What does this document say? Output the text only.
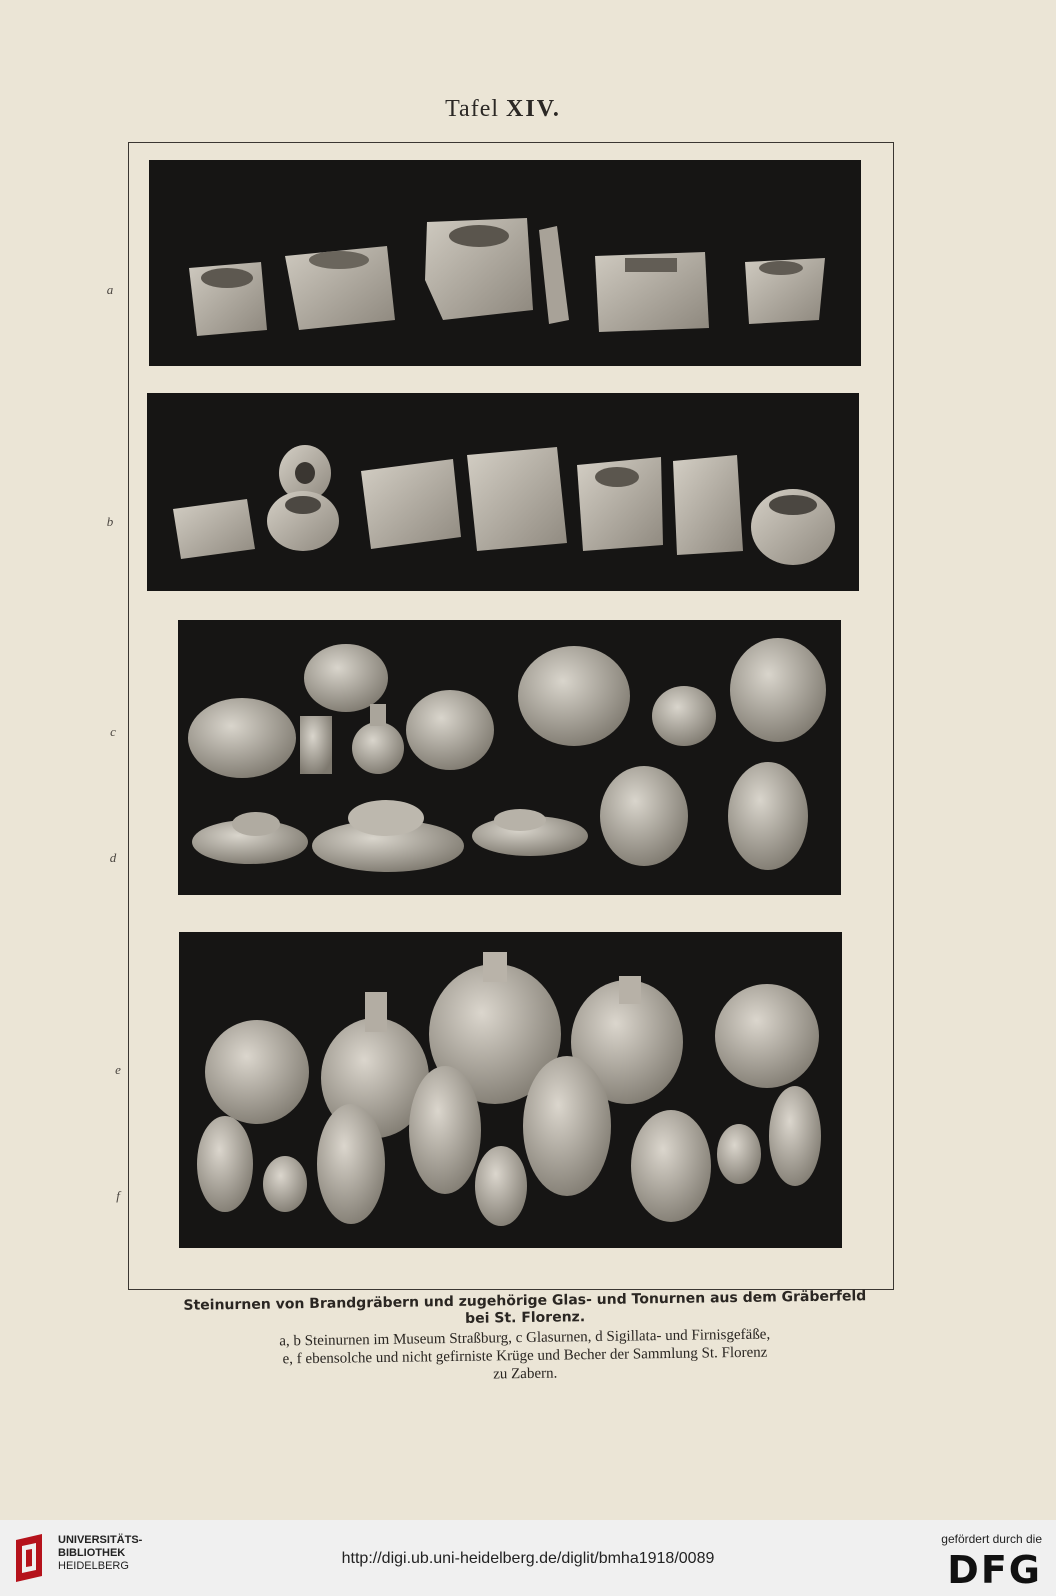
Tafel XIV.
a
b
c
d
e
f
Steinurnen von Brandgräbern und zugehörige Glas- und Tonurnen aus dem Gräberfeld
bei St. Florenz.
a, b Steinurnen im Museum Straßburg, c Glasurnen, d Sigillata- und Firnisgefäße,
e, f ebensolche und nicht gefirniste Krüge und Becher der Sammlung St. Florenz
zu Zabern.
UNIVERSITÄTS-
BIBLIOTHEK
HEIDELBERG	http://digi.ub.uni-heidelberg.de/diglit/bmha1918/0089
gefördert durch die
DFG
